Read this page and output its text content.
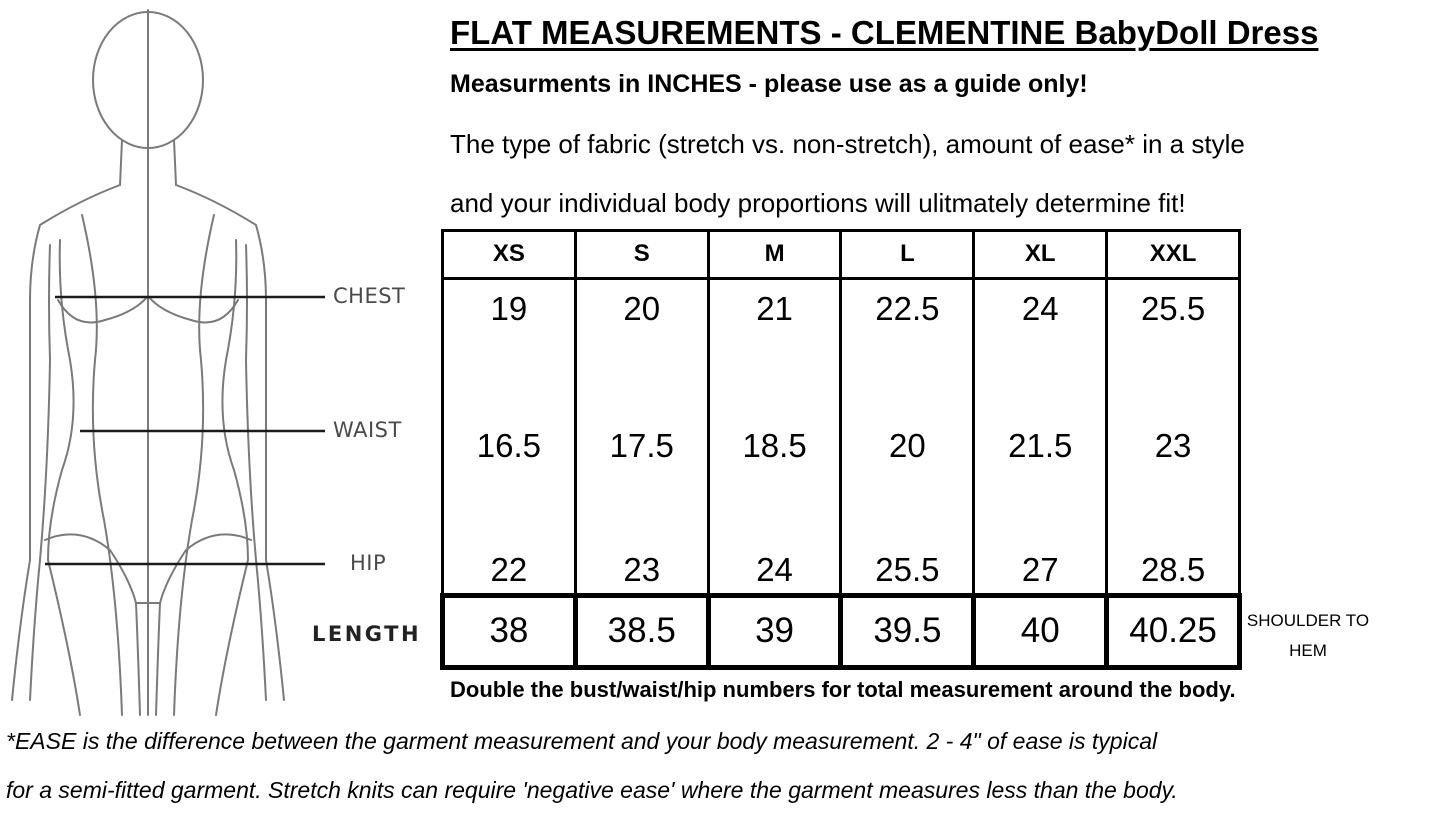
CHEST
WAIST
HIP
LENGTH
FLAT MEASUREMENTS - CLEMENTINE BabyDoll Dress
Measurments in INCHES - please use as a guide only!
The type of fabric (stretch vs. non-stretch), amount of ease* in a style
and your individual body proportions will ulitmately determine fit!
XS	S	M	L	XL	XXL
19	20	21	22.5	24	25.5
16.5	17.5	18.5	20	21.5	23
22	23	24	25.5	27	28.5
38	38.5	39	39.5	40	40.25 SHOULDER TO
HEM
Double the bust/waist/hip numbers for total measurement around the body.
*EASE is the difference between the garment measurement and your body measurement. 2 - 4" of ease is typical
for a semi-fitted garment. Stretch knits can require 'negative ease' where the garment measures less than the body.
